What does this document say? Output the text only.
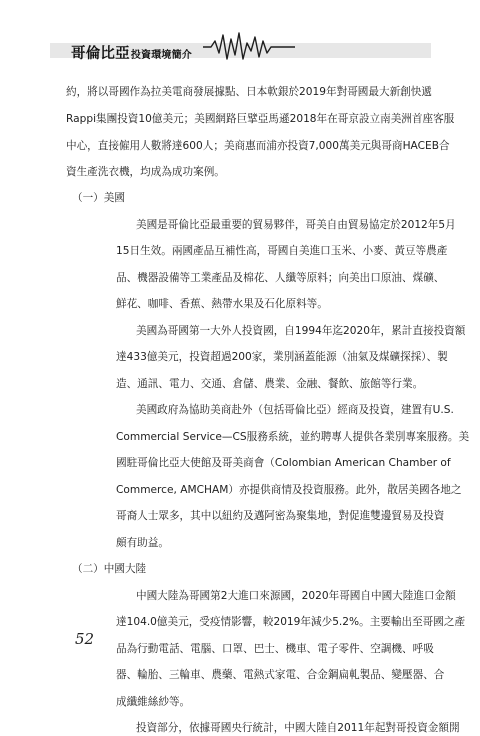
哥倫比亞投資環境簡介
約，將以哥國作為拉美電商發展據點、日本軟銀於2019年對哥國最大新創快遞
Rappi集團投資10億美元；美國網路巨擘亞馬遜2018年在哥京設立南美洲首座客服
中心，直接僱用人數將達600人；美商惠而浦亦投資7,000萬美元與哥商HACEB合
資生產洗衣機，均成為成功案例。
（一）美國
美國是哥倫比亞最重要的貿易夥伴，哥美自由貿易協定於2012年5月
15日生效。兩國產品互補性高，哥國自美進口玉米、小麥、黃豆等農產
品、機器設備等工業產品及棉花、人纖等原料；向美出口原油、煤礦、
鮮花、咖啡、香蕉、熱帶水果及石化原料等。
美國為哥國第一大外人投資國，自1994年迄2020年，累計直接投資額
達433億美元，投資超過200家，業別涵蓋能源（油氣及煤礦探採）、製
造、通訊、電力、交通、倉儲、農業、金融、餐飲、旅館等行業。
美國政府為協助美商赴外（包括哥倫比亞）經商及投資，建置有U.S.
Commercial Service—CS服務系統，並約聘專人提供各業別專案服務。美
國駐哥倫比亞大使館及哥美商會（Colombian American Chamber of
Commerce, AMCHAM）亦提供商情及投資服務。此外，散居美國各地之
哥裔人士眾多，其中以紐約及邁阿密為聚集地，對促進雙邊貿易及投資
頗有助益。
（二）中國大陸
中國大陸為哥國第2大進口來源國，2020年哥國自中國大陸進口金額
達104.0億美元，受疫情影響，較2019年減少5.2%。主要輸出至哥國之產
品為行動電話、電腦、口罩、巴士、機車、電子零件、空調機、呼吸
器、輪胎、三輪車、農藥、電熱式家電、合金鋼扁軋製品、變壓器、合
成纖維絲紗等。
投資部分，依據哥國央行統計，中國大陸自2011年起對哥投資金額開
52
